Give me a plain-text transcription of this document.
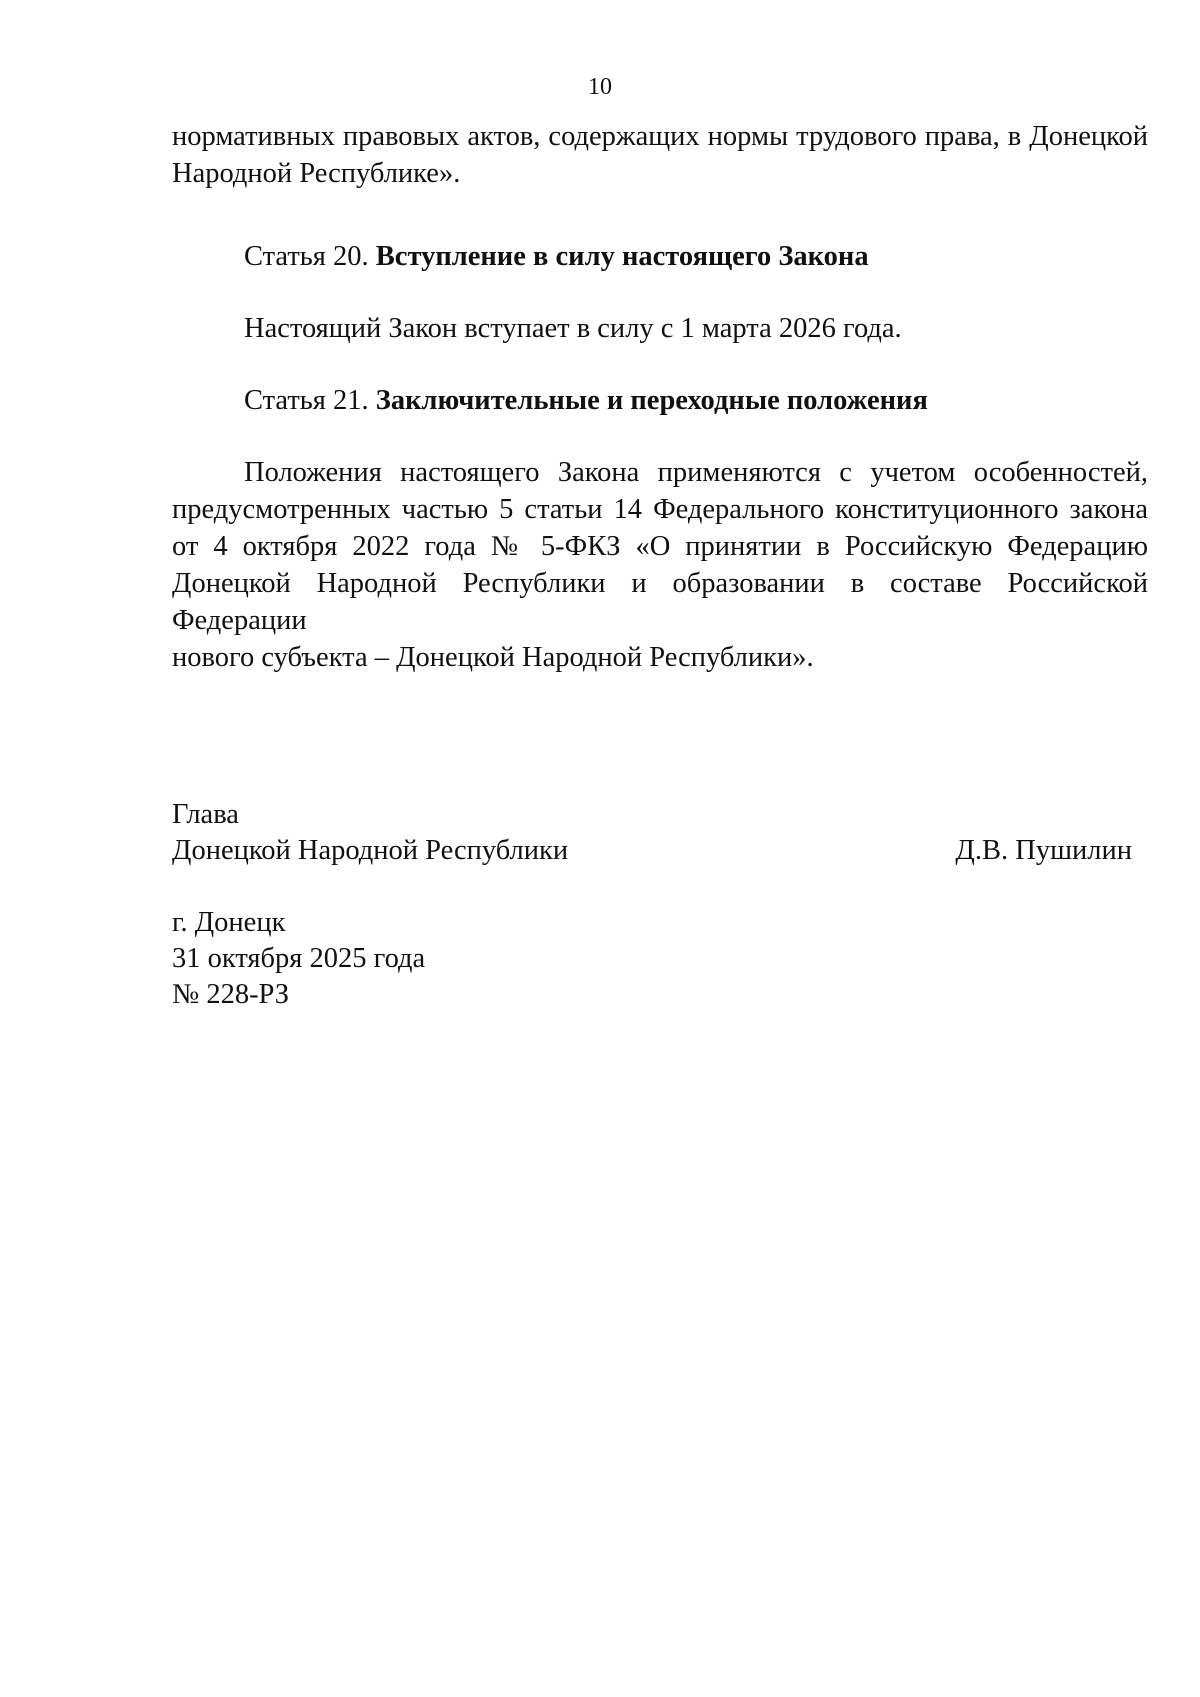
10
нормативных правовых актов, содержащих нормы трудового права, в Донецкой
Народной Республике».
Статья 20. Вступление в силу настоящего Закона
Настоящий Закон вступает в силу с 1 марта 2026 года.
Статья 21. Заключительные и переходные положения
Положения настоящего Закона применяются с учетом особенностей,
предусмотренных частью 5 статьи 14 Федерального конституционного закона
от 4 октября 2022 года № 5-ФКЗ «О принятии в Российскую Федерацию
Донецкой Народной Республики и образовании в составе Российской Федерации
нового субъекта – Донецкой Народной Республики».
Глава
Донецкой Народной Республики	Д.В. Пушилин
г. Донецк
31 октября 2025 года
№ 228-РЗ
